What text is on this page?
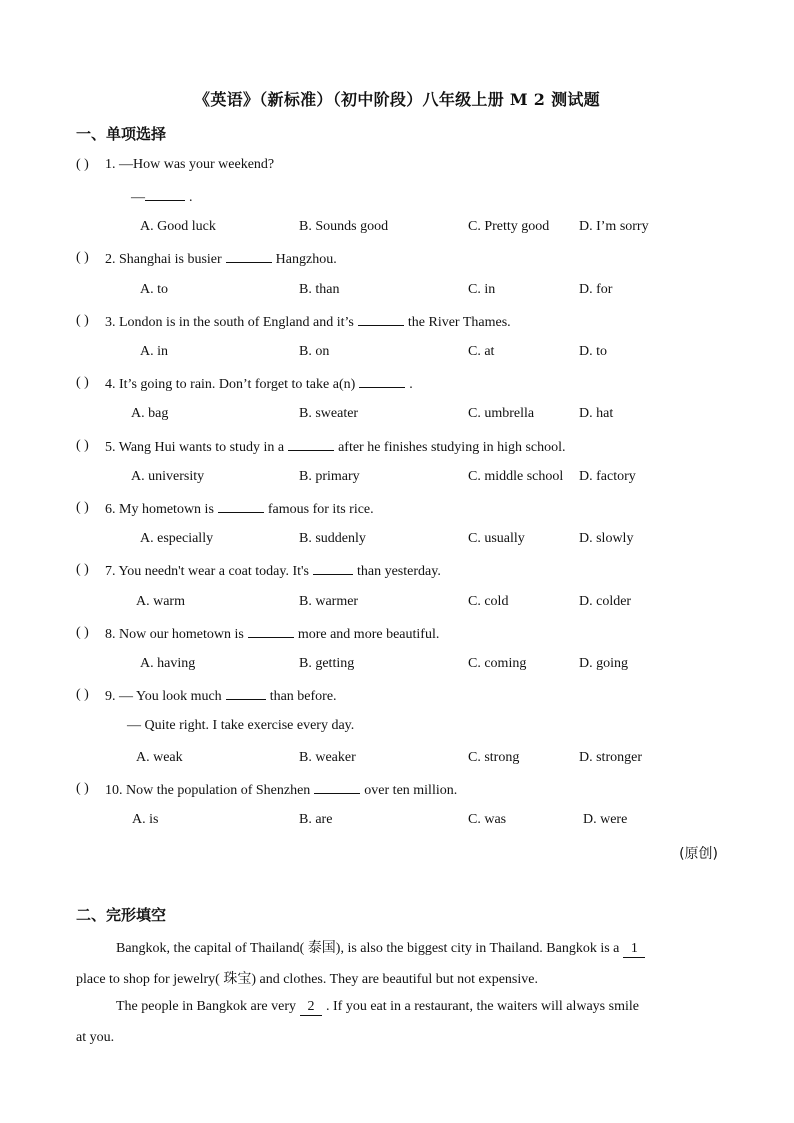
《英语》（新标准）（初中阶段）八年级上册 M 2 测试题
一、单项选择
( ) 1. —How was your weekend?
—	.
A. Good luck	B. Sounds good	C. Pretty good D. I’m sorry
( ) 2. Shanghai is busier	Hangzhou.
A. to	B. than	C. in	D. for
( ) 3. London is in the south of England and it’s	the River Thames.
A. in	B. on	C. at	D. to
( ) 4. It’s going to rain. Don’t forget to take a(n)	.
A. bag	B. sweater	C. umbrella	D. hat
( ) 5. Wang Hui wants to study in a	after he finishes studying in high school.
A. university	B. primary	C. middle school D. factory
( ) 6. My hometown is	famous for its rice.
A. especially	B. suddenly	C. usually	D. slowly
( ) 7. You needn't wear a coat today. It's	than yesterday.
A. warm	B. warmer	C. cold	D. colder
( ) 8. Now our hometown is	more and more beautiful.
A. having	B. getting	C. coming	D. going
( ) 9. — You look much	than before.
— Quite right. I take exercise every day.
A. weak	B. weaker	C. strong	D. stronger
( ) 10. Now the population of Shenzhen	over ten million.
A. is	B. are	C. was	D. were
(原创)
二、完形填空
Bangkok, the capital of Thailand( 泰国), is also the biggest city in Thailand. Bangkok is a 1
place to shop for jewelry( 珠宝) and clothes. They are beautiful but not expensive.
The people in Bangkok are very 2 . If you eat in a restaurant, the waiters will always smile
at you.
